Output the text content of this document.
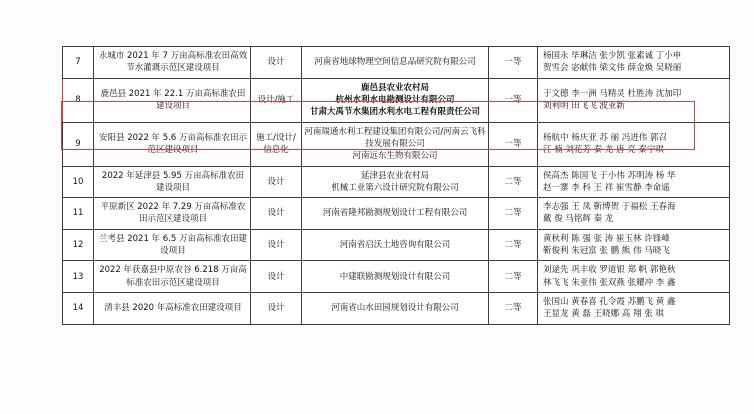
7	永城市 2021 年 7 万亩高标准农田高效节水灌溉示范区建设项目	设计	河南省地球物理空间信息品研究院有限公司	一等	杨国永 毕琳洁 张少凯 张素诚 丁小申
贺雪会 宓献伟 梁文伟 薛金焕 吴晓丽

8	鹿邑县 2021 年 22.1 万亩高标准农田建设项目	设计/施工	鹿邑县农业农村局
杭州水利水电勘测设计有限公司
甘肃大禹节水集团水利水电工程有限责任公司	一等	于文德 李一洲 马精灵 杜胜涛 沈加印
刘利明 田飞飞 波亚新

9	安阳县 2022 年 5.6 万亩高标准农田示范区建设项目	施工/设计/信息化	河南瑞通水利工程建设集团有限公司/河南云飞科技发展有限公司
河南远东生物有限公司	一等	杨航中 杨庆亚 苏 丽 冯进伟 郭召
江 楠 刘花芳 秦 龙 唐 亮 秦宁琪

10	2022 年延津县 5.95 万亩高标准农田建设项目	设计	延津县农业农村局
机械工业第六设计研究院有限公司	二等	侯高杰 陈国飞 于小伟 苏明涛 杨 华
赵一寨 李 科 王 祥 崔雪静 李命遥

11	平原新区 2022 年 7.29 万亩高标准农田示范区建设项目	设计	河南省隆邦勘测规划设计工程有限公司	二等	李志强 王 凤 靳博贺 于福松 王春海
戴 俊 马铭辉 秦 龙

12	兰考县 2021 年 6.5 万亩高标准农田建设项目	设计	河南省启沃土地咨询有限公司	二等	黄秋利 陈 强 张 涛 崔玉林 许锋峰
靳俊利 朱冠富 张 鹏 熊 伟 马晓飞

13	2022 年获嘉县中原农谷 6.218 万亩高标准农田示范区建设项目	设计	中建联勘测规划设计有限公司	二等	刘逯先 巩丰收 罗道银 郑 帆 郭艳秋
林飞飞 朱亚伟 张双燕 张耀冲 李 鑫

14	清丰县 2020 年高标准农田建设项目	设计	河南省山水田园规划设计有限公司	二等	张国山 黄春喜 孔令霞 苏鹏飞 黄 鑫
王显龙 黄 磊 王晓娜 高 翔 张 琪
